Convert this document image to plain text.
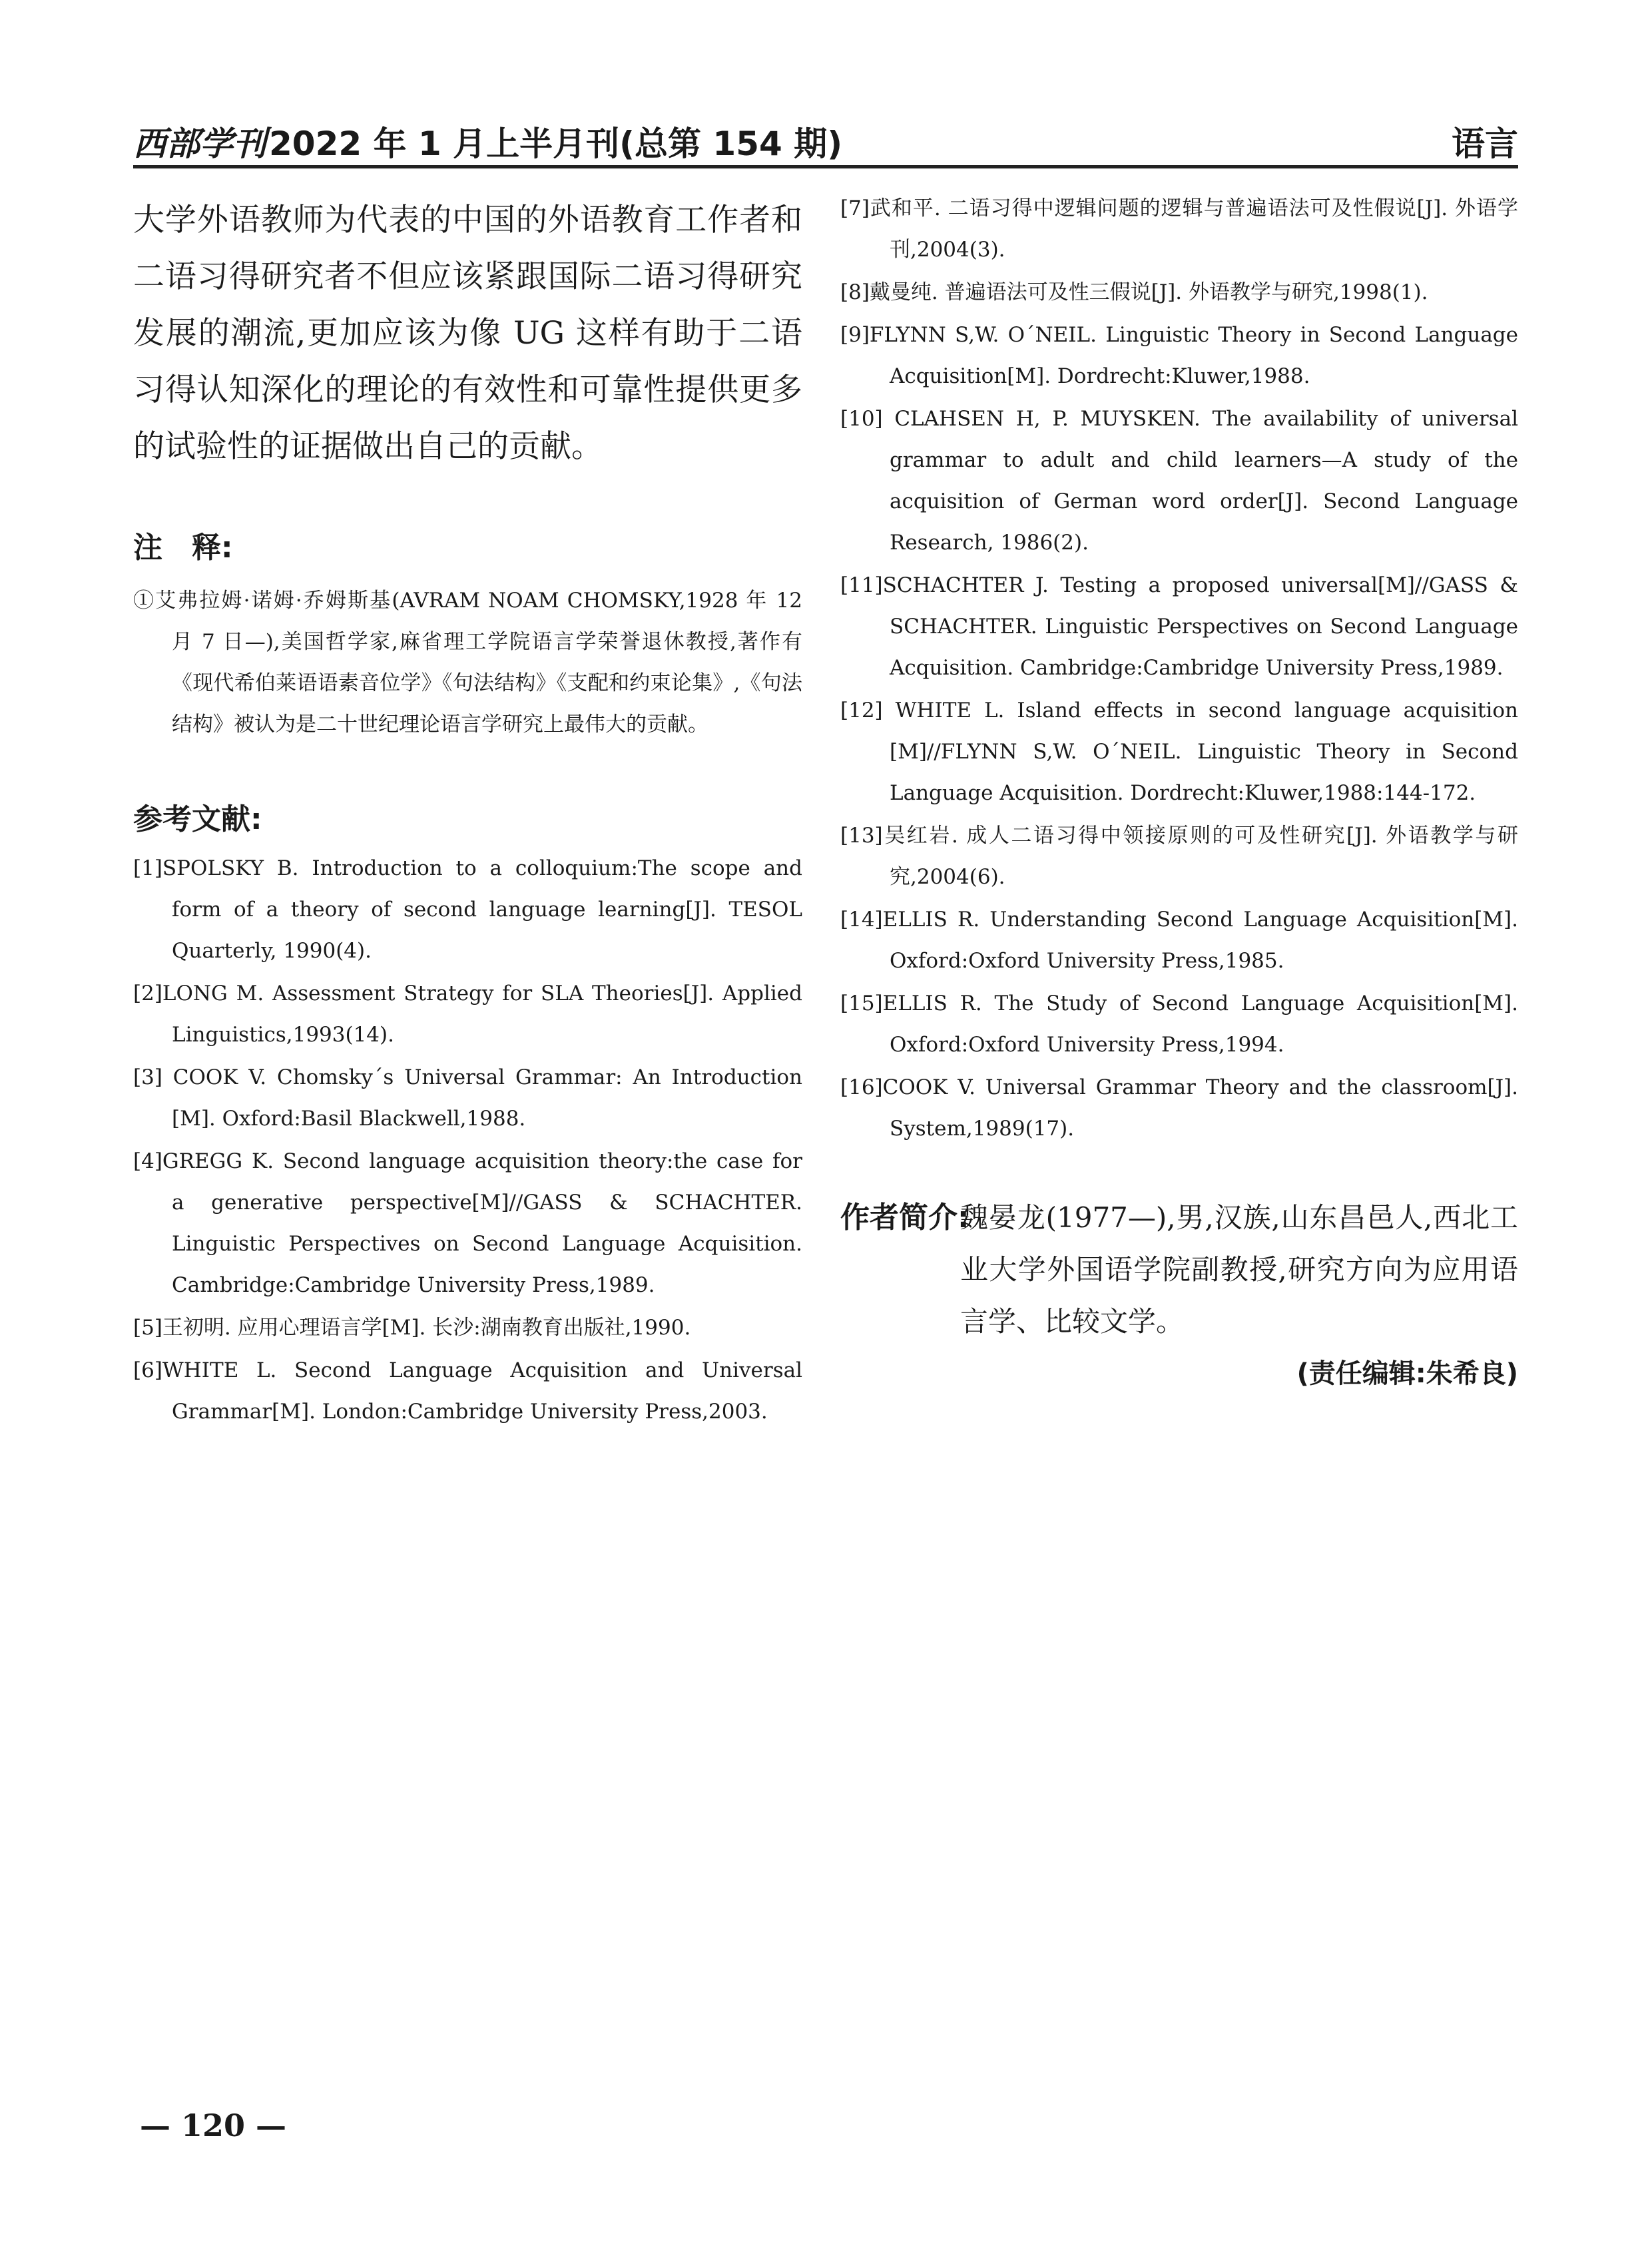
西部学刊2022 年 1 月上半月刊(总第 154 期)	语言

大学外语教师为代表的中国的外语教育工作者和二语习得研究者不但应该紧跟国际二语习得研究发展的潮流,更加应该为像 UG 这样有助于二语习得认知深化的理论的有效性和可靠性提供更多的试验性的证据做出自己的贡献。

注　释:

①艾弗拉姆·诺姆·乔姆斯基(AVRAM NOAM CHOMSKY,1928 年 12 月 7 日—),美国哲学家,麻省理工学院语言学荣誉退休教授,著作有《现代希伯莱语语素音位学》《句法结构》《支配和约束论集》,《句法结构》被认为是二十世纪理论语言学研究上最伟大的贡献。

参考文献:

[1]SPOLSKY B. Introduction to a colloquium:The scope and form of a theory of second language learning[J]. TESOL Quarterly, 1990(4).

[2]LONG M. Assessment Strategy for SLA Theories[J]. Applied Linguistics,1993(14).

[3] COOK V. Chomsky´s Universal Grammar: An Introduction [M]. Oxford:Basil Blackwell,1988.

[4]GREGG K. Second language acquisition theory:the case for a generative perspective[M]//GASS & SCHACHTER. Linguistic Perspectives on Second Language Acquisition. Cambridge:Cambridge University Press,1989.

[5]王初明. 应用心理语言学[M]. 长沙:湖南教育出版社,1990.

[6]WHITE L. Second Language Acquisition and Universal Grammar[M]. London:Cambridge University Press,2003.

[7]武和平. 二语习得中逻辑问题的逻辑与普遍语法可及性假说[J]. 外语学刊,2004(3).

[8]戴曼纯. 普遍语法可及性三假说[J]. 外语教学与研究,1998(1).

[9]FLYNN S,W. O´NEIL. Linguistic Theory in Second Language Acquisition[M]. Dordrecht:Kluwer,1988.

[10] CLAHSEN H, P. MUYSKEN. The availability of universal grammar to adult and child learners—A study of the acquisition of German word order[J]. Second Language Research, 1986(2).

[11]SCHACHTER J. Testing a proposed universal[M]//GASS & SCHACHTER. Linguistic Perspectives on Second Language Acquisition. Cambridge:Cambridge University Press,1989.

[12] WHITE L. Island effects in second language acquisition [M]//FLYNN S,W. O´NEIL. Linguistic Theory in Second Language Acquisition. Dordrecht:Kluwer,1988:144-172.

[13]吴红岩. 成人二语习得中领接原则的可及性研究[J]. 外语教学与研究,2004(6).

[14]ELLIS R. Understanding Second Language Acquisition[M]. Oxford:Oxford University Press,1985.

[15]ELLIS R. The Study of Second Language Acquisition[M]. Oxford:Oxford University Press,1994.

[16]COOK V. Universal Grammar Theory and the classroom[J]. System,1989(17).

作者简介:

魏晏龙(1977—),男,汉族,山东昌邑人,西北工业大学外国语学院副教授,研究方向为应用语言学、比较文学。

(责任编辑:朱希良)
— 120 —
